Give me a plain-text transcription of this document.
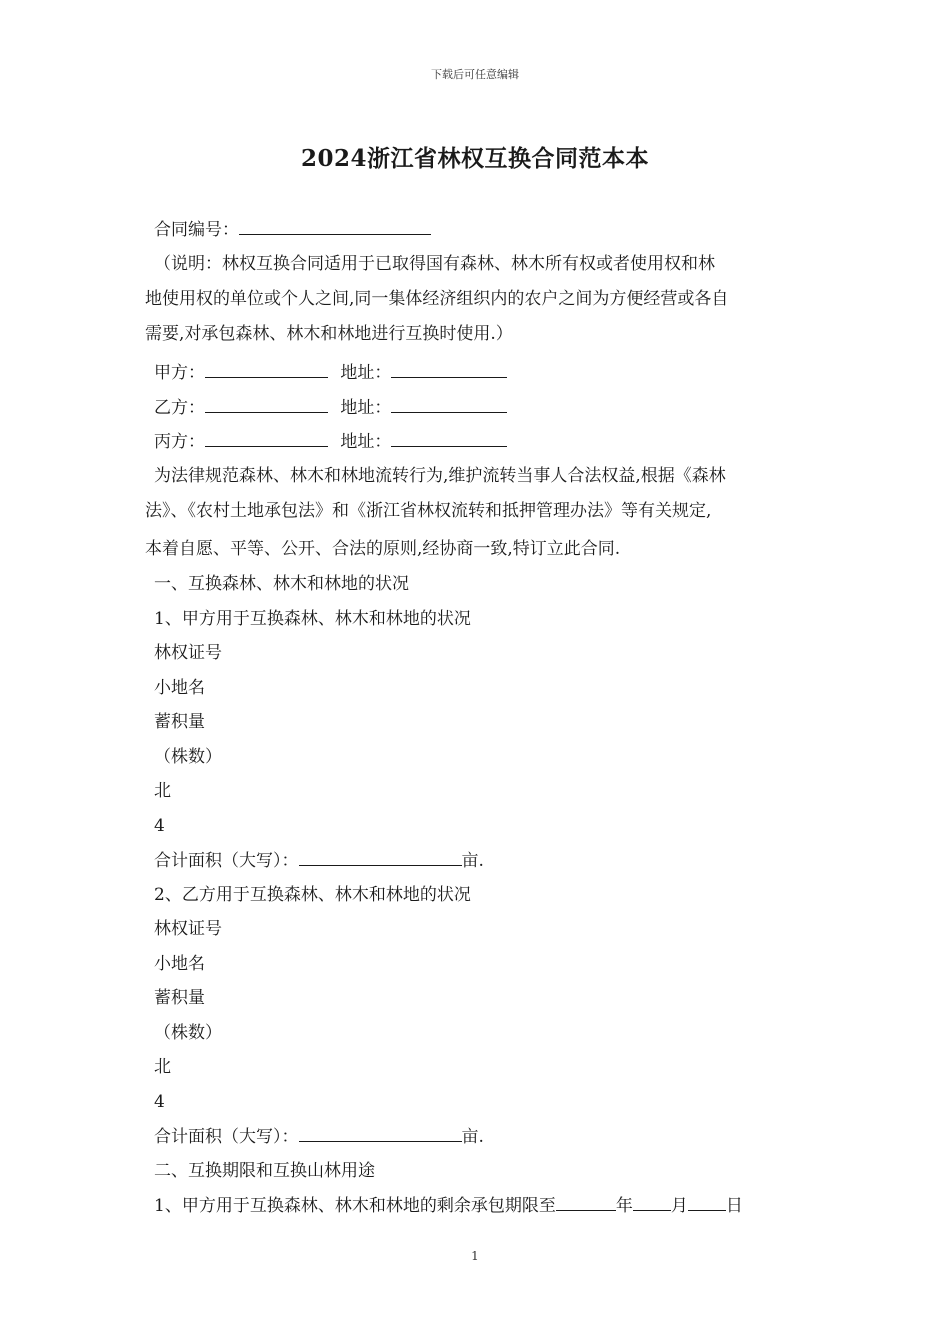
下载后可任意编辑
2024浙江省林权互换合同范本本
合同编号：
（说明：林权互换合同适用于已取得国有森林、林木所有权或者使用权和林
地使用权的单位或个人之间,同一集体经济组织内的农户之间为方便经营或各自
需要,对承包森林、林木和林地进行互换时使用.）
甲方：	地址：
乙方：	地址：
丙方：	地址：
为法律规范森林、林木和林地流转行为,维护流转当事人合法权益,根据《森林
法》、《农村土地承包法》和《浙江省林权流转和抵押管理办法》等有关规定,
本着自愿、平等、公开、合法的原则,经协商一致,特订立此合同.
一、互换森林、林木和林地的状况
1、甲方用于互换森林、林木和林地的状况
林权证号
小地名
蓄积量
（株数）
北
4
合计面积（大写）：	亩.
2、乙方用于互换森林、林木和林地的状况
林权证号
小地名
蓄积量
（株数）
北
4
合计面积（大写）：	亩.
二、互换期限和互换山林用途
1、甲方用于互换森林、林木和林地的剩余承包期限至	年 月 日
1
